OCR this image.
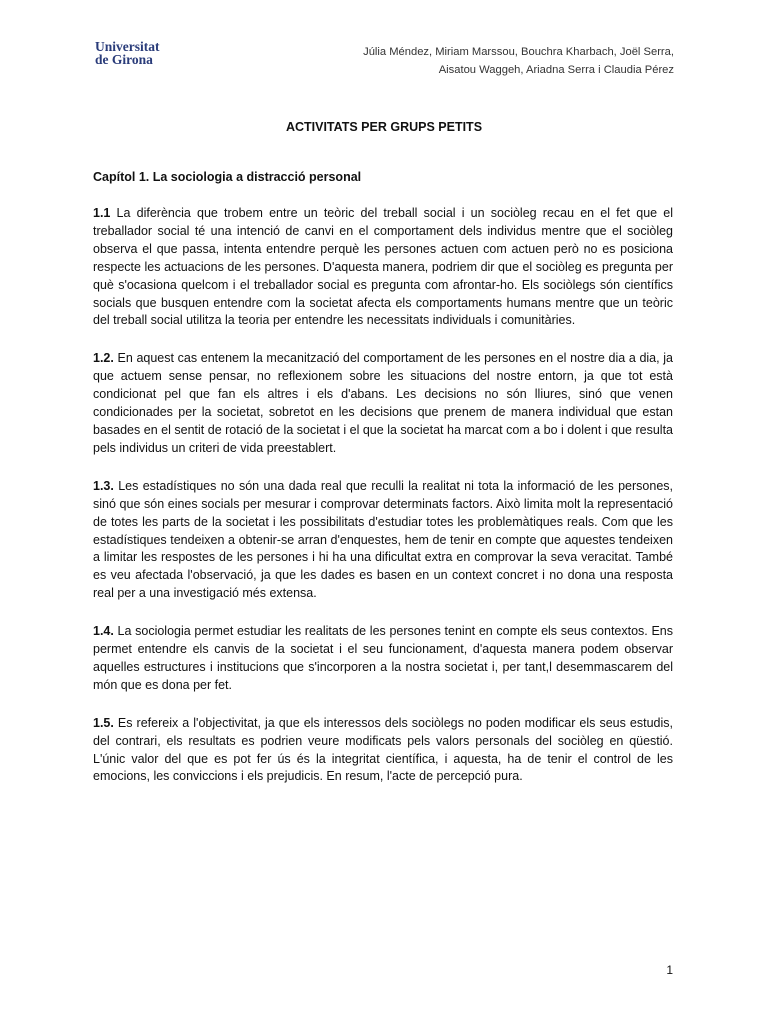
Universitat
de Girona	Júlia Méndez, Miriam Marssou, Bouchra Kharbach, Joël Serra,
Aisatou Waggeh, Ariadna Serra i Claudia Pérez
ACTIVITATS PER GRUPS PETITS
Capítol 1. La sociologia a distracció personal

1.1 La diferència que trobem entre un teòric del treball social i un sociòleg recau en el fet que el treballador social té una intenció de canvi en el comportament dels individus mentre que el sociòleg observa el que passa, intenta entendre perquè les persones actuen com actuen però no es posiciona respecte les actuacions de les persones. D'aquesta manera, podriem dir que el sociòleg es pregunta per què s'ocasiona quelcom i el treballador social es pregunta com afrontar-ho. Els sociòlegs són científics socials que busquen entendre com la societat afecta els comportaments humans mentre que un teòric del treball social utilitza la teoria per entendre les necessitats individuals i comunitàries.

1.2. En aquest cas entenem la mecanització del comportament de les persones en el nostre dia a dia, ja que actuem sense pensar, no reflexionem sobre les situacions del nostre entorn, ja que tot està condicionat pel que fan els altres i els d'abans. Les decisions no són lliures, sinó que venen condicionades per la societat, sobretot en les decisions que prenem de manera individual que estan basades en el sentit de rotació de la societat i el que la societat ha marcat com a bo i dolent i que resulta pels individus un criteri de vida preestablert.

1.3. Les estadístiques no són una dada real que reculli la realitat ni tota la informació de les persones, sinó que són eines socials per mesurar i comprovar determinats factors. Això limita molt la representació de totes les parts de la societat i les possibilitats d'estudiar totes les problemàtiques reals. Com que les estadístiques tendeixen a obtenir-se arran d'enquestes, hem de tenir en compte que aquestes tendeixen a limitar les respostes de les persones i hi ha una dificultat extra en comprovar la seva veracitat. També es veu afectada l'observació, ja que les dades es basen en un context concret i no dona una resposta real per a una investigació més extensa.

1.4. La sociologia permet estudiar les realitats de les persones tenint en compte els seus contextos. Ens permet entendre els canvis de la societat i el seu funcionament, d'aquesta manera podem observar aquelles estructures i institucions que s'incorporen a la nostra societat i, per tant,l desemmascarem del món que es dona per fet.

1.5. Es refereix a l'objectivitat, ja que els interessos dels sociòlegs no poden modificar els seus estudis, del contrari, els resultats es podrien veure modificats pels valors personals del sociòleg en qüestió. L'únic valor del que es pot fer ús és la integritat científica, i aquesta, ha de tenir el control de les emocions, les conviccions i els prejudicis. En resum, l'acte de percepció pura.

1
